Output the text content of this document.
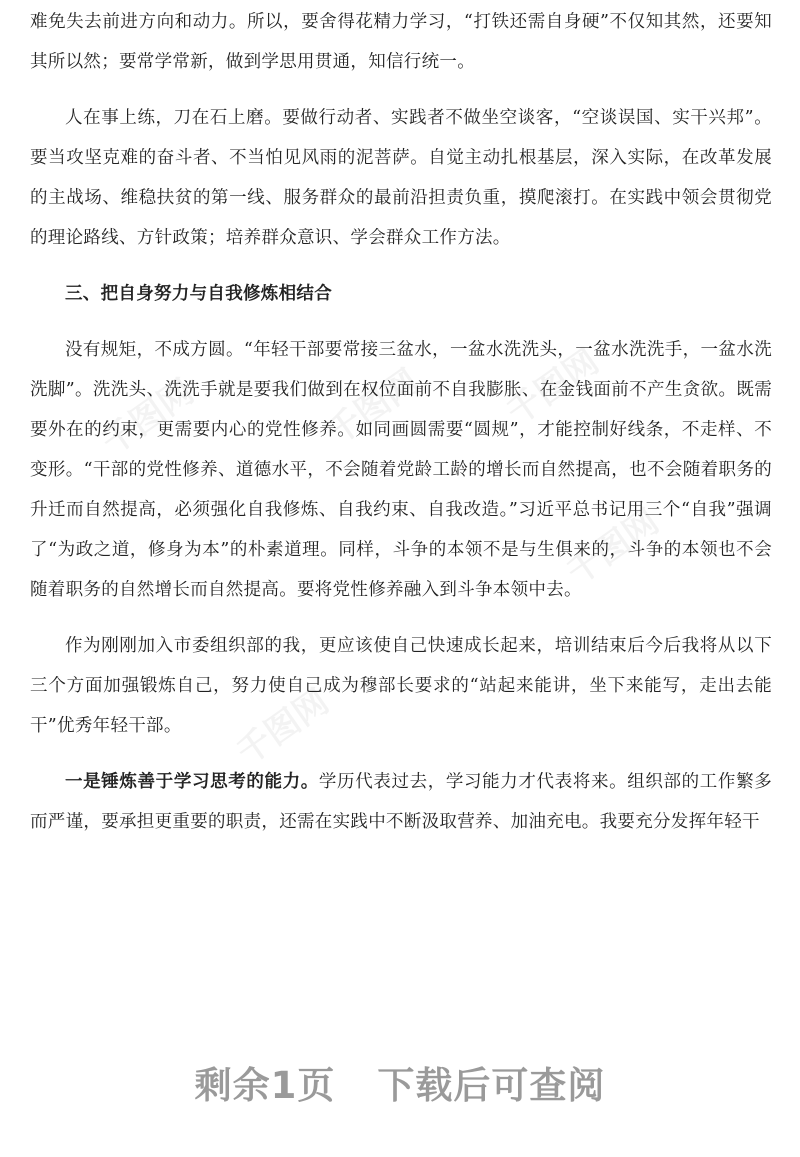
千图网
千图网	千图网
千图网
千图网

难免失去前进方向和动力。所以，要舍得花精力学习，“打铁还需自身硬”不仅知其然，还要知其所以然；要常学常新，做到学思用贯通，知信行统一。

人在事上练，刀在石上磨。要做行动者、实践者不做坐空谈客，“空谈误国、实干兴邦”。要当攻坚克难的奋斗者、不当怕见风雨的泥菩萨。自觉主动扎根基层，深入实际，在改革发展的主战场、维稳扶贫的第一线、服务群众的最前沿担责负重，摸爬滚打。在实践中领会贯彻党的理论路线、方针政策；培养群众意识、学会群众工作方法。

三、把自身努力与自我修炼相结合

没有规矩，不成方圆。“年轻干部要常接三盆水，一盆水洗洗头，一盆水洗洗手，一盆水洗洗脚”。洗洗头、洗洗手就是要我们做到在权位面前不自我膨胀、在金钱面前不产生贪欲。既需要外在的约束，更需要内心的党性修养。如同画圆需要“圆规”，才能控制好线条，不走样、不变形。“干部的党性修养、道德水平，不会随着党龄工龄的增长而自然提高，也不会随着职务的升迁而自然提高，必须强化自我修炼、自我约束、自我改造。”习近平总书记用三个“自我”强调了“为政之道，修身为本”的朴素道理。同样，斗争的本领不是与生俱来的，斗争的本领也不会随着职务的自然增长而自然提高。要将党性修养融入到斗争本领中去。

作为刚刚加入市委组织部的我，更应该使自己快速成长起来，培训结束后今后我将从以下三个方面加强锻炼自己，努力使自己成为穆部长要求的“站起来能讲，坐下来能写，走出去能干”优秀年轻干部。

一是锤炼善于学习思考的能力。学历代表过去，学习能力才代表将来。组织部的工作繁多而严谨，要承担更重要的职责，还需在实践中不断汲取营养、加油充电。我要充分发挥年轻干

剩余1页 下载后可查阅
